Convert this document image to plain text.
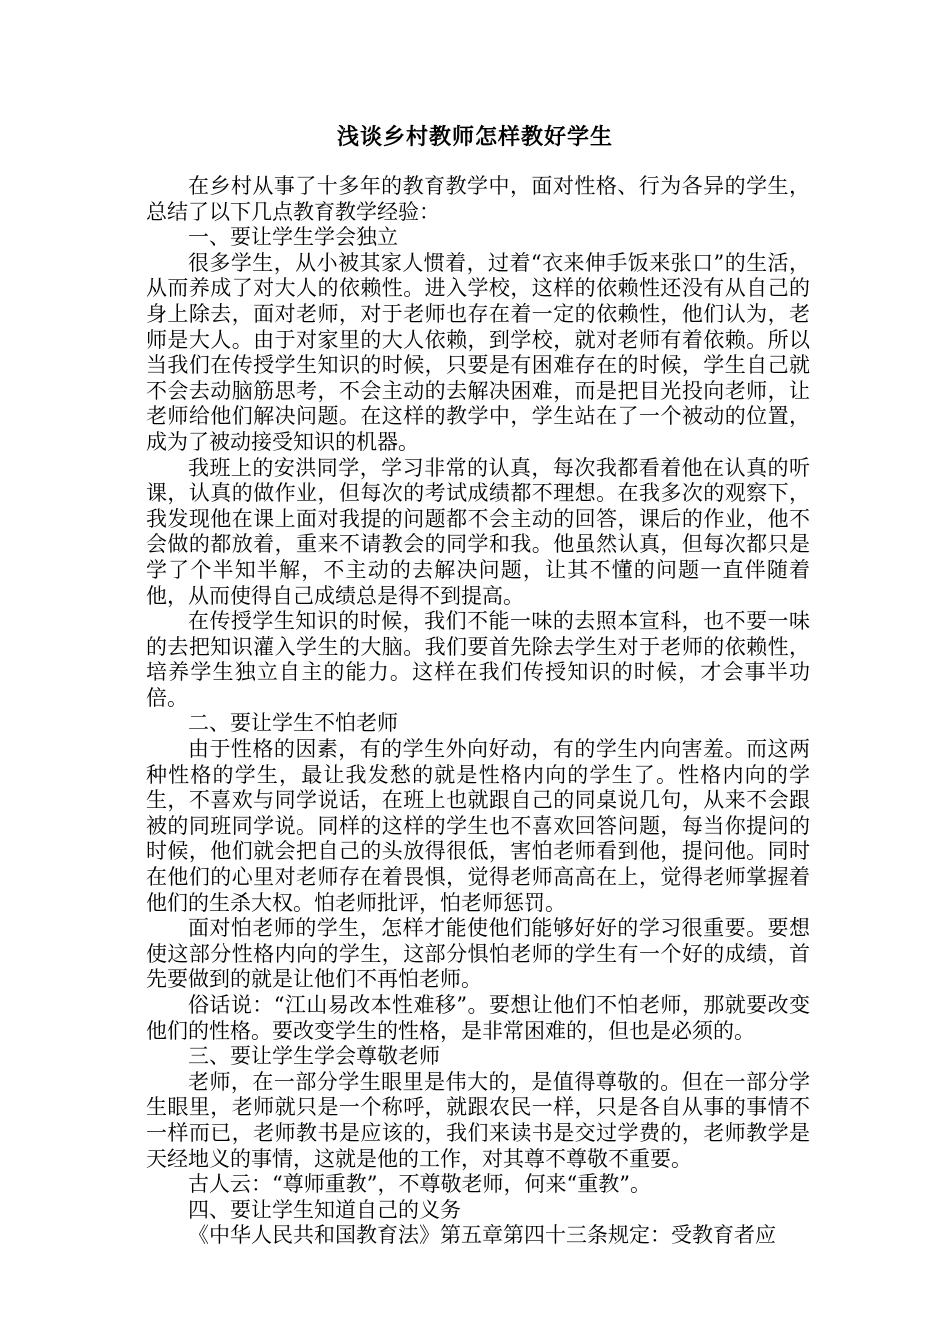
浅谈乡村教师怎样教好学生

在乡村从事了十多年的教育教学中，面对性格、行为各异的学生，总结了以下几点教育教学经验：

一、要让学生学会独立

很多学生，从小被其家人惯着，过着“衣来伸手饭来张口”的生活，从而养成了对大人的依赖性。进入学校，这样的依赖性还没有从自己的身上除去，面对老师，对于老师也存在着一定的依赖性，他们认为，老师是大人。由于对家里的大人依赖，到学校，就对老师有着依赖。所以当我们在传授学生知识的时候，只要是有困难存在的时候，学生自己就不会去动脑筋思考，不会主动的去解决困难，而是把目光投向老师，让老师给他们解决问题。在这样的教学中，学生站在了一个被动的位置，成为了被动接受知识的机器。

我班上的安洪同学，学习非常的认真，每次我都看着他在认真的听课，认真的做作业，但每次的考试成绩都不理想。在我多次的观察下，我发现他在课上面对我提的问题都不会主动的回答，课后的作业，他不会做的都放着，重来不请教会的同学和我。他虽然认真，但每次都只是学了个半知半解，不主动的去解决问题，让其不懂的问题一直伴随着他，从而使得自己成绩总是得不到提高。

在传授学生知识的时候，我们不能一味的去照本宣科，也不要一味的去把知识灌入学生的大脑。我们要首先除去学生对于老师的依赖性，培养学生独立自主的能力。这样在我们传授知识的时候，才会事半功倍。

二、要让学生不怕老师

由于性格的因素，有的学生外向好动，有的学生内向害羞。而这两种性格的学生，最让我发愁的就是性格内向的学生了。性格内向的学生，不喜欢与同学说话，在班上也就跟自己的同桌说几句，从来不会跟被的同班同学说。同样的这样的学生也不喜欢回答问题，每当你提问的时候，他们就会把自己的头放得很低，害怕老师看到他，提问他。同时在他们的心里对老师存在着畏惧，觉得老师高高在上，觉得老师掌握着他们的生杀大权。怕老师批评，怕老师惩罚。

面对怕老师的学生，怎样才能使他们能够好好的学习很重要。要想使这部分性格内向的学生，这部分惧怕老师的学生有一个好的成绩，首先要做到的就是让他们不再怕老师。

俗话说：“江山易改本性难移”。要想让他们不怕老师，那就要改变他们的性格。要改变学生的性格，是非常困难的，但也是必须的。

三、要让学生学会尊敬老师

老师，在一部分学生眼里是伟大的，是值得尊敬的。但在一部分学生眼里，老师就只是一个称呼，就跟农民一样，只是各自从事的事情不一样而已，老师教书是应该的，我们来读书是交过学费的，老师教学是天经地义的事情，这就是他的工作，对其尊不尊敬不重要。

古人云：“尊师重教”，不尊敬老师，何来“重教”。

四、要让学生知道自己的义务

《中华人民共和国教育法》第五章第四十三条规定：受教育者应
